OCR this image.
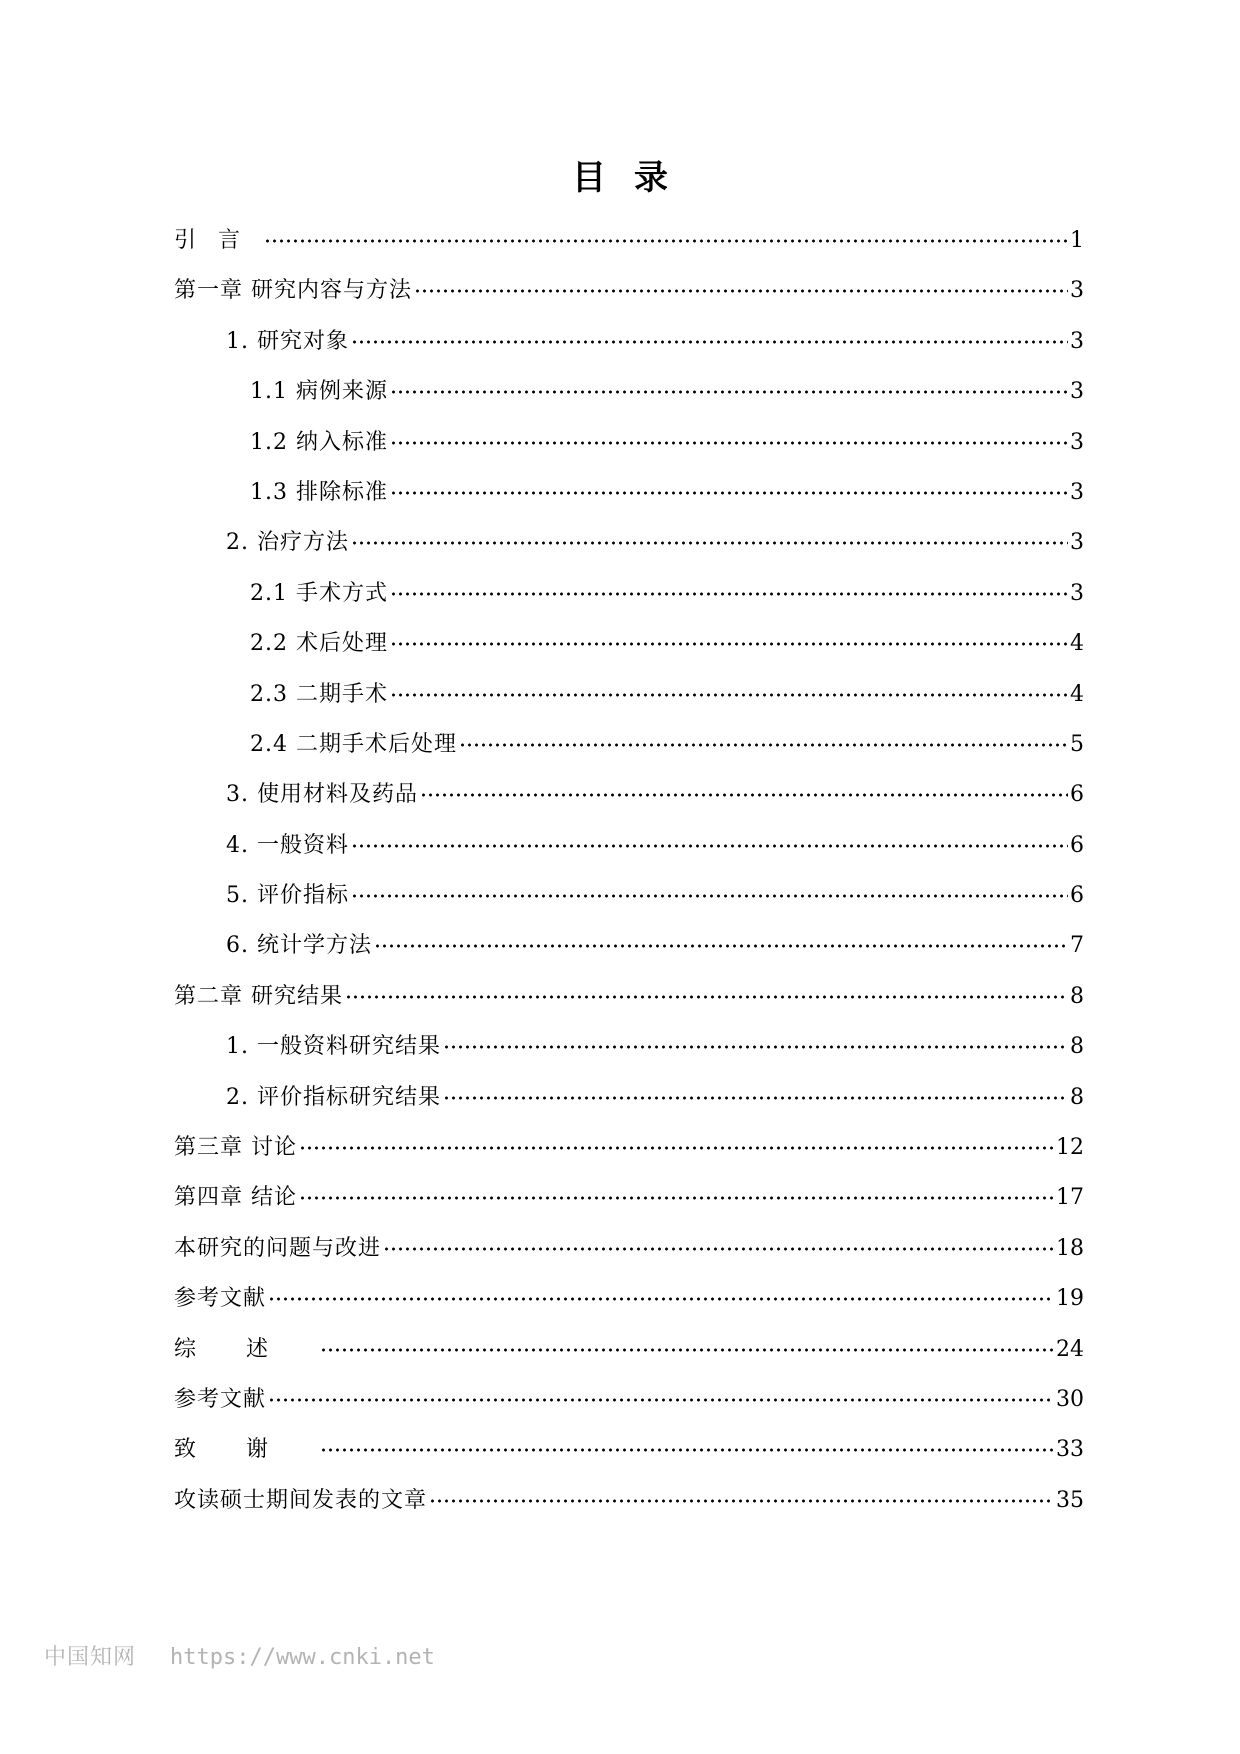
目录
引言	1
第一章 研究内容与方法	3
1. 研究对象	3
1.1 病例来源	3
1.2 纳入标准	3
1.3 排除标准	3
2. 治疗方法	3
2.1 手术方式	3
2.2 术后处理	4
2.3 二期手术	4
2.4 二期手术后处理	5
3. 使用材料及药品	6
4. 一般资料	6
5. 评价指标	6
6. 统计学方法	7
第二章 研究结果	8
1. 一般资料研究结果	8
2. 评价指标研究结果	8
第三章 讨论	12
第四章 结论	17
本研究的问题与改进	18
参考文献	19
综述	24
参考文献	30
致谢	33
攻读硕士期间发表的文章	35
中国知网 https://www.cnki.net
